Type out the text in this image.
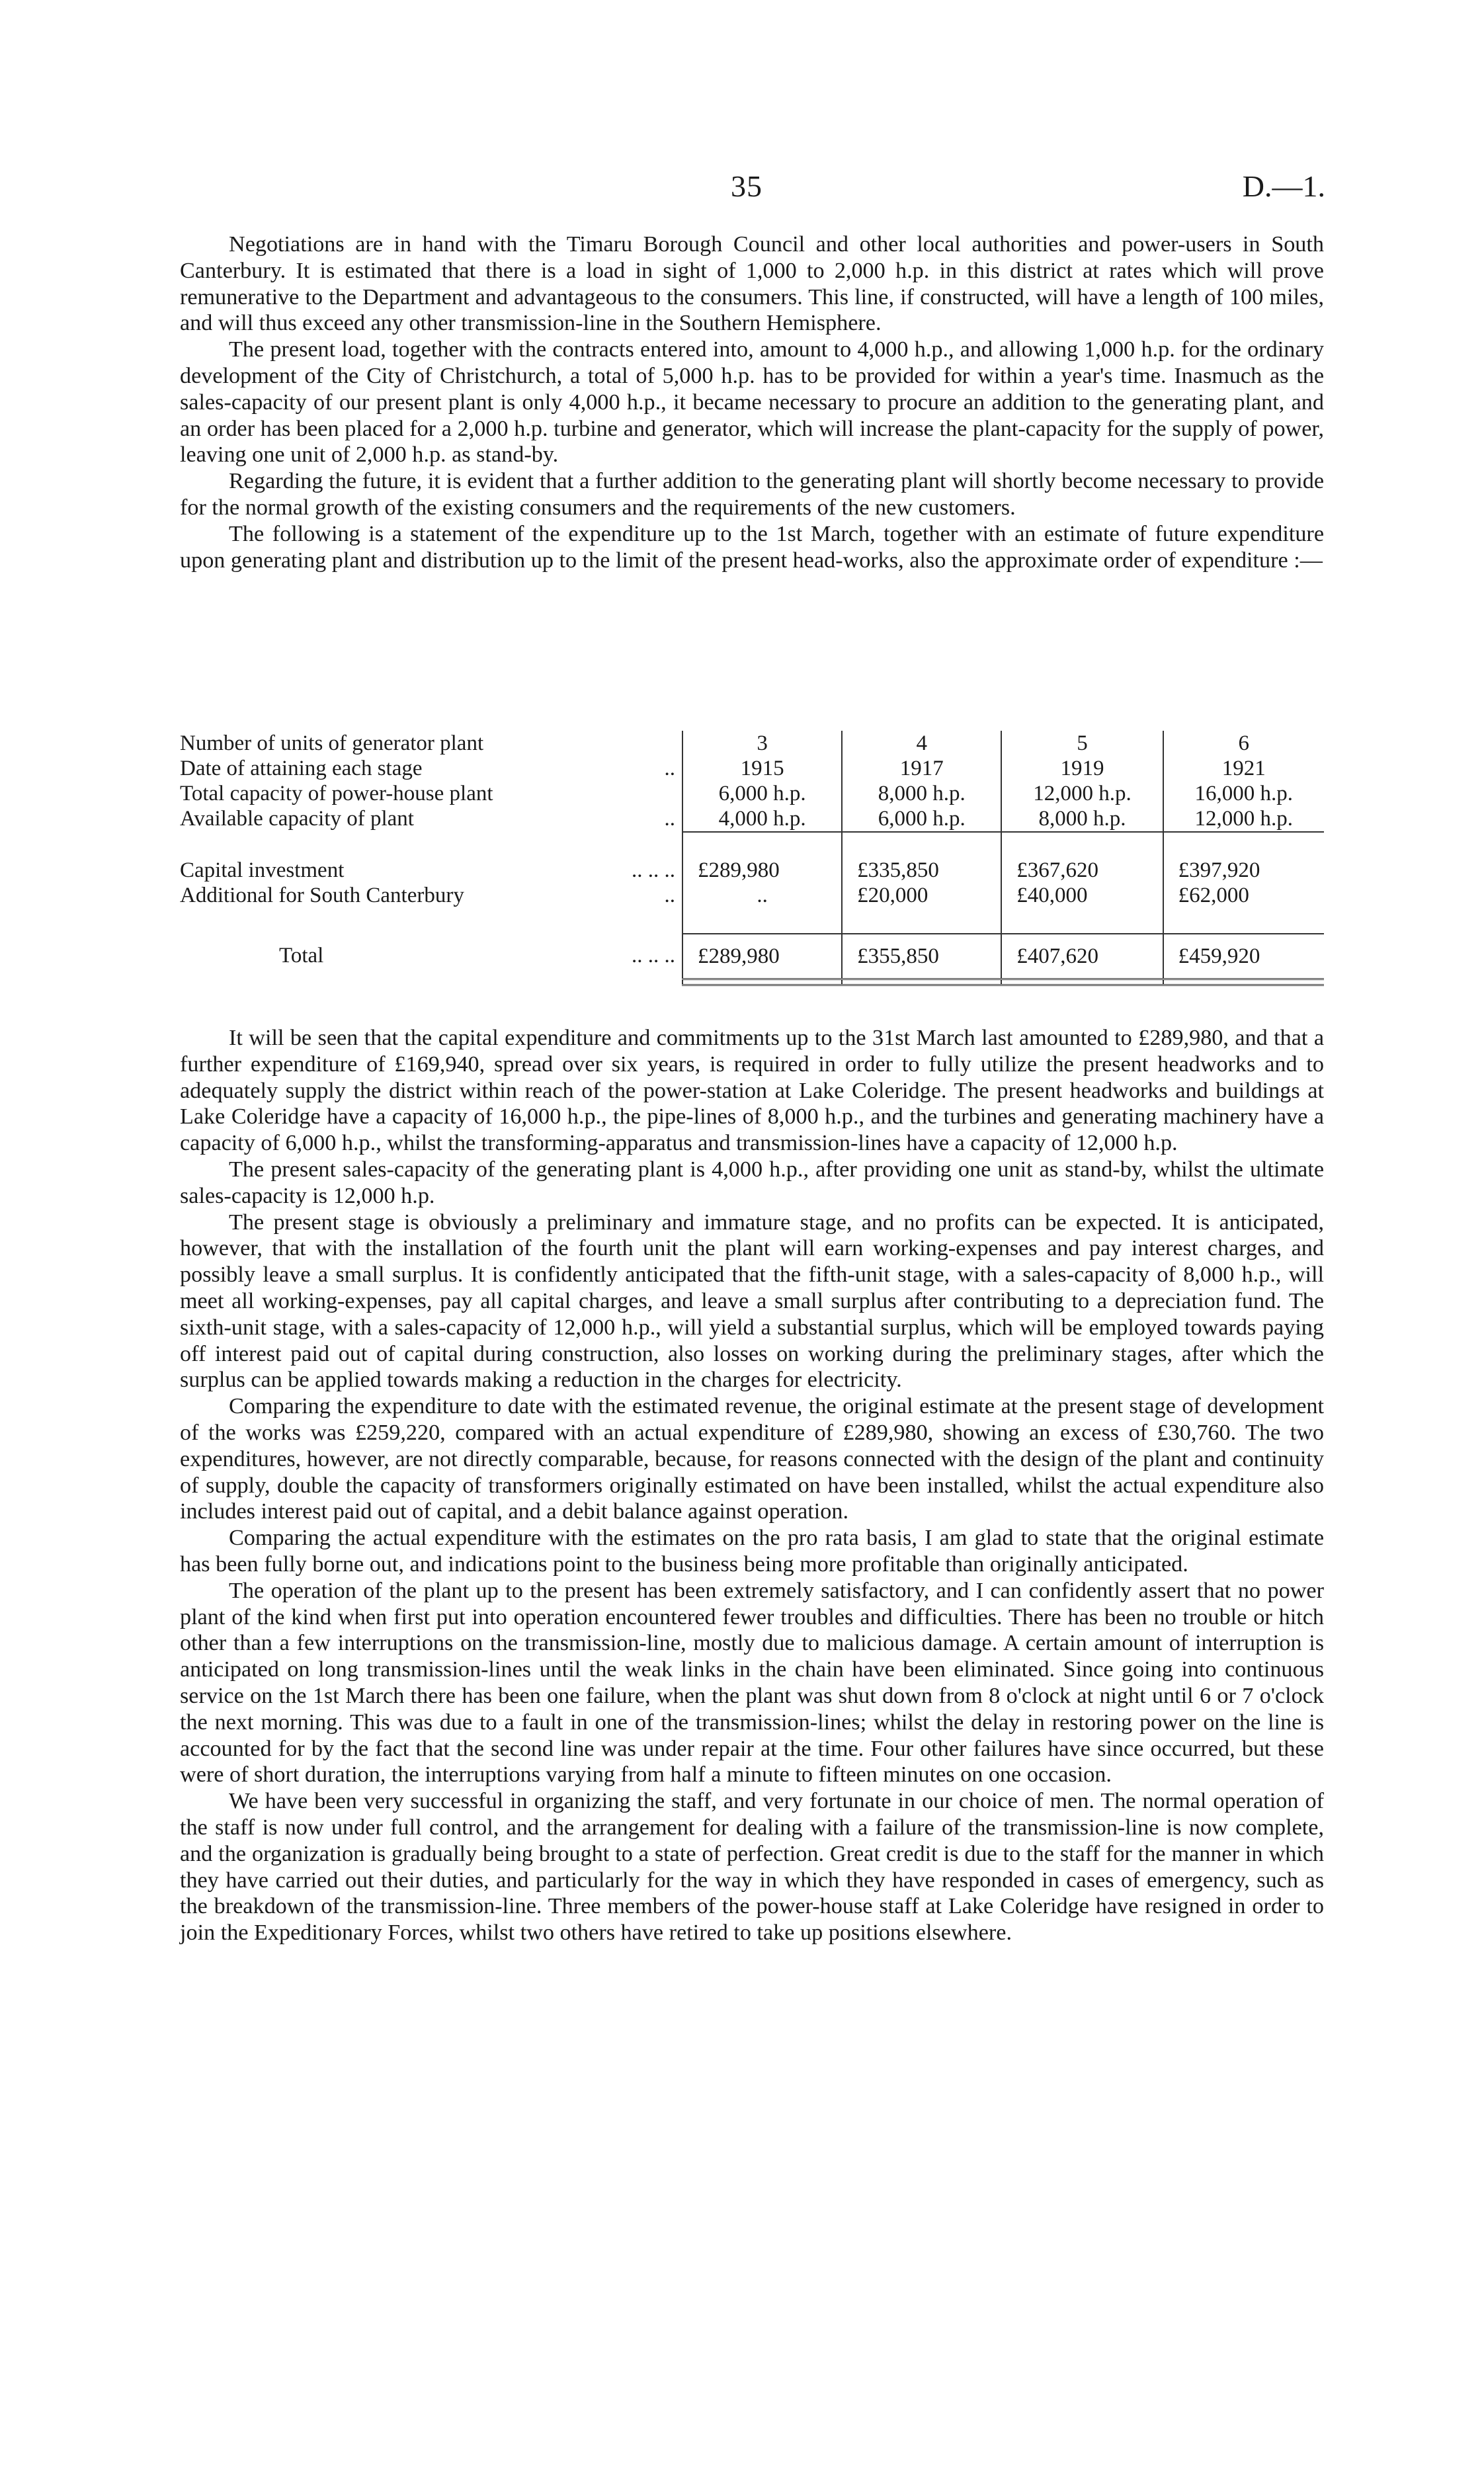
35	D.—1.

Negotiations are in hand with the Timaru Borough Council and other local authorities and power-users in South Canterbury. It is estimated that there is a load in sight of 1,000 to 2,000 h.p. in this district at rates which will prove remunerative to the Department and advantageous to the consumers. This line, if constructed, will have a length of 100 miles, and will thus exceed any other transmission-line in the Southern Hemisphere.

The present load, together with the contracts entered into, amount to 4,000 h.p., and allowing 1,000 h.p. for the ordinary development of the City of Christchurch, a total of 5,000 h.p. has to be provided for within a year's time. Inasmuch as the sales-capacity of our present plant is only 4,000 h.p., it became necessary to procure an addition to the generating plant, and an order has been placed for a 2,000 h.p. turbine and generator, which will increase the plant-capacity for the supply of power, leaving one unit of 2,000 h.p. as stand-by.

Regarding the future, it is evident that a further addition to the generating plant will shortly become necessary to provide for the normal growth of the existing consumers and the requirements of the new customers.

The following is a statement of the expenditure up to the 1st March, together with an estimate of future expenditure upon generating plant and distribution up to the limit of the present head-works, also the approximate order of expenditure :—

Number of units of generator plant		3	4	5	6
Date of attaining each stage	..	1915	1917	1919	1921
Total capacity of power-house plant		6,000 h.p.	8,000 h.p.	12,000 h.p.	16,000 h.p.
Available capacity of plant	..	4,000 h.p.	6,000 h.p.	8,000 h.p.	12,000 h.p.

Capital investment	.. .. ..	£289,980	£335,850	£367,620	£397,920
Additional for South Canterbury	..	..	£20,000	£40,000	£62,000

Total	.. .. ..	£289,980	£355,850	£407,620	£459,920

It will be seen that the capital expenditure and commitments up to the 31st March last amounted to £289,980, and that a further expenditure of £169,940, spread over six years, is required in order to fully utilize the present headworks and to adequately supply the district within reach of the power-station at Lake Coleridge. The present headworks and buildings at Lake Coleridge have a capacity of 16,000 h.p., the pipe-lines of 8,000 h.p., and the turbines and generating machinery have a capacity of 6,000 h.p., whilst the transforming-apparatus and transmission-lines have a capacity of 12,000 h.p.

The present sales-capacity of the generating plant is 4,000 h.p., after providing one unit as stand-by, whilst the ultimate sales-capacity is 12,000 h.p.

The present stage is obviously a preliminary and immature stage, and no profits can be expected. It is anticipated, however, that with the installation of the fourth unit the plant will earn working-expenses and pay interest charges, and possibly leave a small surplus. It is confidently anticipated that the fifth-unit stage, with a sales-capacity of 8,000 h.p., will meet all working-expenses, pay all capital charges, and leave a small surplus after contributing to a depreciation fund. The sixth-unit stage, with a sales-capacity of 12,000 h.p., will yield a substantial surplus, which will be employed towards paying off interest paid out of capital during construction, also losses on working during the preliminary stages, after which the surplus can be applied towards making a reduction in the charges for electricity.

Comparing the expenditure to date with the estimated revenue, the original estimate at the present stage of development of the works was £259,220, compared with an actual expenditure of £289,980, showing an excess of £30,760. The two expenditures, however, are not directly comparable, because, for reasons connected with the design of the plant and continuity of supply, double the capacity of transformers originally estimated on have been installed, whilst the actual expenditure also includes interest paid out of capital, and a debit balance against operation.

Comparing the actual expenditure with the estimates on the pro rata basis, I am glad to state that the original estimate has been fully borne out, and indications point to the business being more profitable than originally anticipated.

The operation of the plant up to the present has been extremely satisfactory, and I can confidently assert that no power plant of the kind when first put into operation encountered fewer troubles and difficulties. There has been no trouble or hitch other than a few interruptions on the transmission-line, mostly due to malicious damage. A certain amount of interruption is anticipated on long transmission-lines until the weak links in the chain have been eliminated. Since going into continuous service on the 1st March there has been one failure, when the plant was shut down from 8 o'clock at night until 6 or 7 o'clock the next morning. This was due to a fault in one of the transmission-lines; whilst the delay in restoring power on the line is accounted for by the fact that the second line was under repair at the time. Four other failures have since occurred, but these were of short duration, the interruptions varying from half a minute to fifteen minutes on one occasion.

We have been very successful in organizing the staff, and very fortunate in our choice of men. The normal operation of the staff is now under full control, and the arrangement for dealing with a failure of the transmission-line is now complete, and the organization is gradually being brought to a state of perfection. Great credit is due to the staff for the manner in which they have carried out their duties, and particularly for the way in which they have responded in cases of emergency, such as the breakdown of the transmission-line. Three members of the power-house staff at Lake Coleridge have resigned in order to join the Expeditionary Forces, whilst two others have retired to take up positions elsewhere.
